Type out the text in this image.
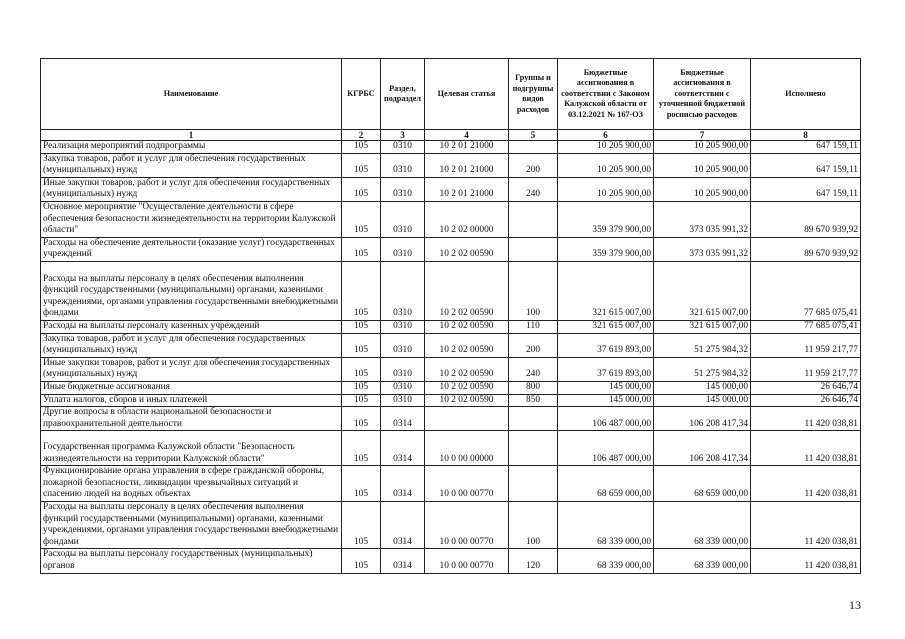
Наименование	КГРБС	Раздел, подраздел	Целевая статья	Группы и подгруппы видов расходов	Бюджетные ассигнования в соответствии с Законом Калужской области от 03.12.2021 № 167-ОЗ	Бюджетные ассигнования в соответствии с уточненной бюджетной росписью расходов	Исполнено
1	2	3	4	5	6	7	8
Реализация мероприятий подпрограммы	105	0310	10 2 01 21000		10 205 900,00	10 205 900,00	647 159,11
Закупка товаров, работ и услуг для обеспечения государственных (муниципальных) нужд	105	0310	10 2 01 21000	200	10 205 900,00	10 205 900,00	647 159,11
Иные закупки товаров, работ и услуг для обеспечения государственных (муниципальных) нужд	105	0310	10 2 01 21000	240	10 205 900,00	10 205 900,00	647 159,11
Основное мероприятие "Осуществление деятельности в сфере обеспечения безопасности жизнедеятельности на территории Калужской области"	105	0310	10 2 02 00000		359 379 900,00	373 035 991,32	89 670 939,92
Расходы на обеспечение деятельности (оказание услуг) государственных учреждений	105	0310	10 2 02 00590		359 379 900,00	373 035 991,32	89 670 939,92
Расходы на выплаты персоналу в целях обеспечения выполнения функций государственными (муниципальными) органами, казенными учреждениями, органами управления государственными внебюджетными фондами	105	0310	10 2 02 00590	100	321 615 007,00	321 615 007,00	77 685 075,41
Расходы на выплаты персоналу казенных учреждений	105	0310	10 2 02 00590	110	321 615 007,00	321 615 007,00	77 685 075,41
Закупка товаров, работ и услуг для обеспечения государственных (муниципальных) нужд	105	0310	10 2 02 00590	200	37 619 893,00	51 275 984,32	11 959 217,77
Иные закупки товаров, работ и услуг для обеспечения государственных (муниципальных) нужд	105	0310	10 2 02 00590	240	37 619 893,00	51 275 984,32	11 959 217,77
Иные бюджетные ассигнования	105	0310	10 2 02 00590	800	145 000,00	145 000,00	26 646,74
Уплата налогов, сборов и иных платежей	105	0310	10 2 02 00590	850	145 000,00	145 000,00	26 646,74
Другие вопросы в области национальной безопасности и правоохранительной деятельности	105	0314			106 487 000,00	106 208 417,34	11 420 038,81
Государственная программа Калужской области "Безопасность жизнедеятельности на территории Калужской области"	105	0314	10 0 00 00000		106 487 000,00	106 208 417,34	11 420 038,81
Функционирование органа управления в сфере гражданской обороны, пожарной безопасности, ликвидации чрезвычайных ситуаций и спасению людей на водных объектах	105	0314	10 0 00 00770		68 659 000,00	68 659 000,00	11 420 038,81
Расходы на выплаты персоналу в целях обеспечения выполнения функций государственными (муниципальными) органами, казенными учреждениями, органами управления государственными внебюджетными фондами	105	0314	10 0 00 00770	100	68 339 000,00	68 339 000,00	11 420 038,81
Расходы на выплаты персоналу государственных (муниципальных) органов	105	0314	10 0 00 00770	120	68 339 000,00	68 339 000,00	11 420 038,81
13
